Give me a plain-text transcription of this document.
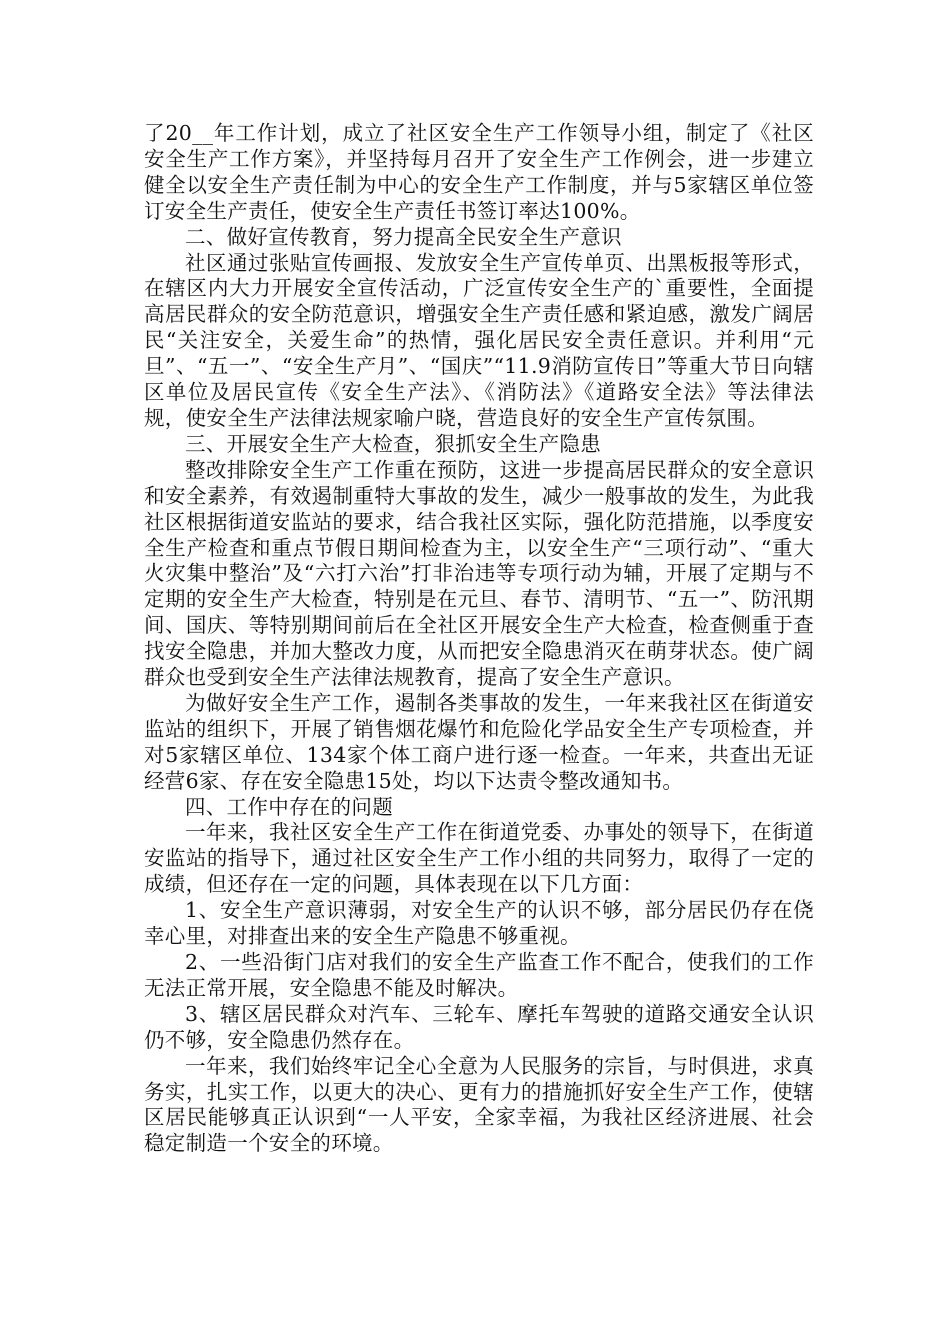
了20__年工作计划，成立了社区安全生产工作领导小组，制定了《社区安全生产工作方案》，并坚持每月召开了安全生产工作例会，进一步建立健全以安全生产责任制为中心的安全生产工作制度，并与5家辖区单位签订安全生产责任，使安全生产责任书签订率达100%。

二、做好宣传教育，努力提高全民安全生产意识

社区通过张贴宣传画报、发放安全生产宣传单页、出黑板报等形式，在辖区内大力开展安全宣传活动，广泛宣传安全生产的`重要性，全面提高居民群众的安全防范意识，增强安全生产责任感和紧迫感，激发广阔居民“关注安全，关爱生命”的热情，强化居民安全责任意识。并利用“元旦”、“五一”、“安全生产月”、“国庆”“11.9消防宣传日”等重大节日向辖区单位及居民宣传《安全生产法》、《消防法》《道路安全法》等法律法规，使安全生产法律法规家喻户晓，营造良好的安全生产宣传氛围。

三、开展安全生产大检查，狠抓安全生产隐患

整改排除安全生产工作重在预防，这进一步提高居民群众的安全意识和安全素养，有效遏制重特大事故的发生，减少一般事故的发生，为此我社区根据街道安监站的要求，结合我社区实际，强化防范措施，以季度安全生产检查和重点节假日期间检查为主，以安全生产“三项行动”、“重大火灾集中整治”及“六打六治”打非治违等专项行动为辅，开展了定期与不定期的安全生产大检查，特别是在元旦、春节、清明节、“五一”、防汛期间、国庆、等特别期间前后在全社区开展安全生产大检查，检查侧重于查找安全隐患，并加大整改力度，从而把安全隐患消灭在萌芽状态。使广阔群众也受到安全生产法律法规教育，提高了安全生产意识。

为做好安全生产工作，遏制各类事故的发生，一年来我社区在街道安监站的组织下，开展了销售烟花爆竹和危险化学品安全生产专项检查，并对5家辖区单位、134家个体工商户进行逐一检查。一年来，共查出无证经营6家、存在安全隐患15处，均以下达责令整改通知书。

四、工作中存在的问题

一年来，我社区安全生产工作在街道党委、办事处的领导下，在街道安监站的指导下，通过社区安全生产工作小组的共同努力，取得了一定的成绩，但还存在一定的问题，具体表现在以下几方面：

1、安全生产意识薄弱，对安全生产的认识不够，部分居民仍存在侥幸心里，对排查出来的安全生产隐患不够重视。

2、一些沿街门店对我们的安全生产监查工作不配合，使我们的工作无法正常开展，安全隐患不能及时解决。

3、辖区居民群众对汽车、三轮车、摩托车驾驶的道路交通安全认识仍不够，安全隐患仍然存在。

一年来，我们始终牢记全心全意为人民服务的宗旨，与时俱进，求真务实，扎实工作，以更大的决心、更有力的措施抓好安全生产工作，使辖区居民能够真正认识到“一人平安，全家幸福，为我社区经济进展、社会稳定制造一个安全的环境。
